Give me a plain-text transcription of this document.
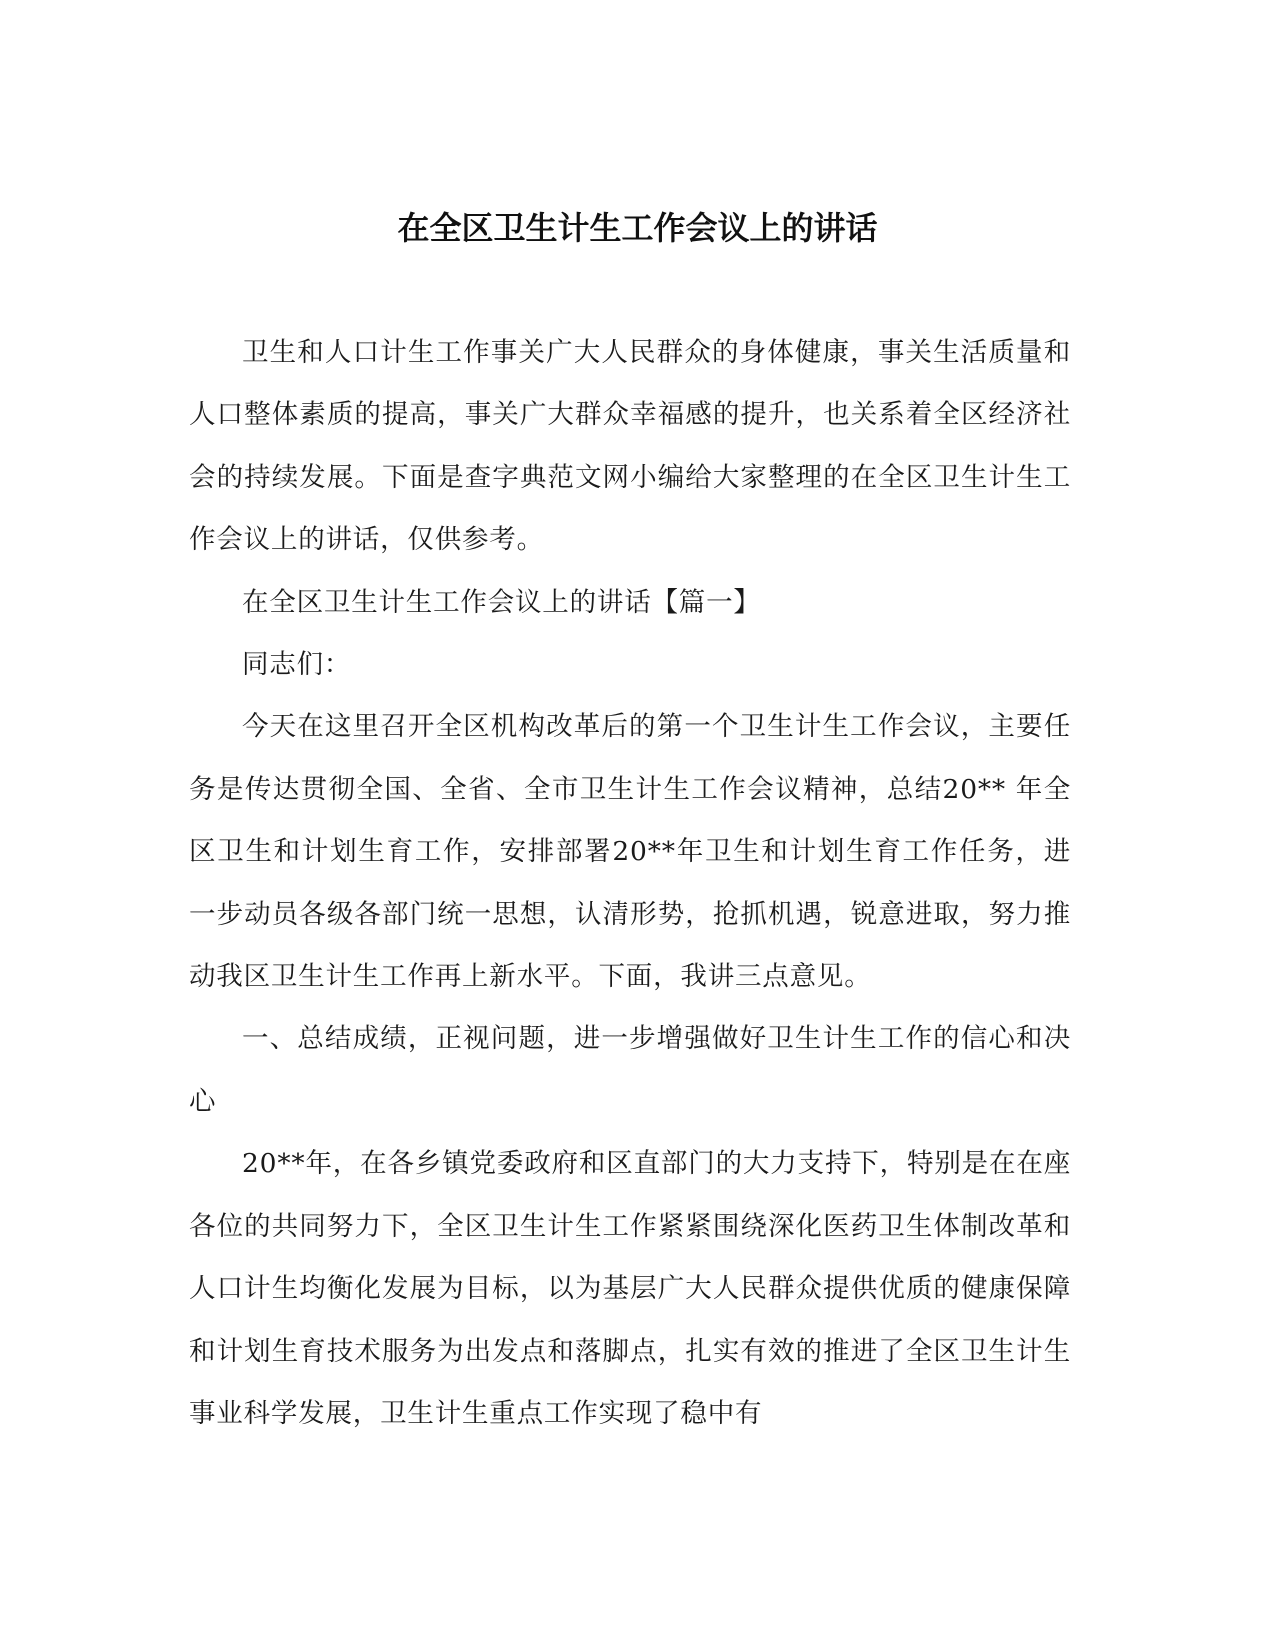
在全区卫生计生工作会议上的讲话

卫生和人口计生工作事关广大人民群众的身体健康，事关生活质量和人口整体素质的提高，事关广大群众幸福感的提升，也关系着全区经济社会的持续发展。下面是查字典范文网小编给大家整理的在全区卫生计生工作会议上的讲话，仅供参考。

在全区卫生计生工作会议上的讲话【篇一】

同志们：

今天在这里召开全区机构改革后的第一个卫生计生工作会议，主要任务是传达贯彻全国、全省、全市卫生计生工作会议精神，总结20** 年全区卫生和计划生育工作，安排部署20**年卫生和计划生育工作任务，进一步动员各级各部门统一思想，认清形势，抢抓机遇，锐意进取，努力推动我区卫生计生工作再上新水平。下面，我讲三点意见。

一、总结成绩，正视问题，进一步增强做好卫生计生工作的信心和决心

20**年，在各乡镇党委政府和区直部门的大力支持下，特别是在在座各位的共同努力下，全区卫生计生工作紧紧围绕深化医药卫生体制改革和人口计生均衡化发展为目标，以为基层广大人民群众提供优质的健康保障和计划生育技术服务为出发点和落脚点，扎实有效的推进了全区卫生计生事业科学发展，卫生计生重点工作实现了稳中有
